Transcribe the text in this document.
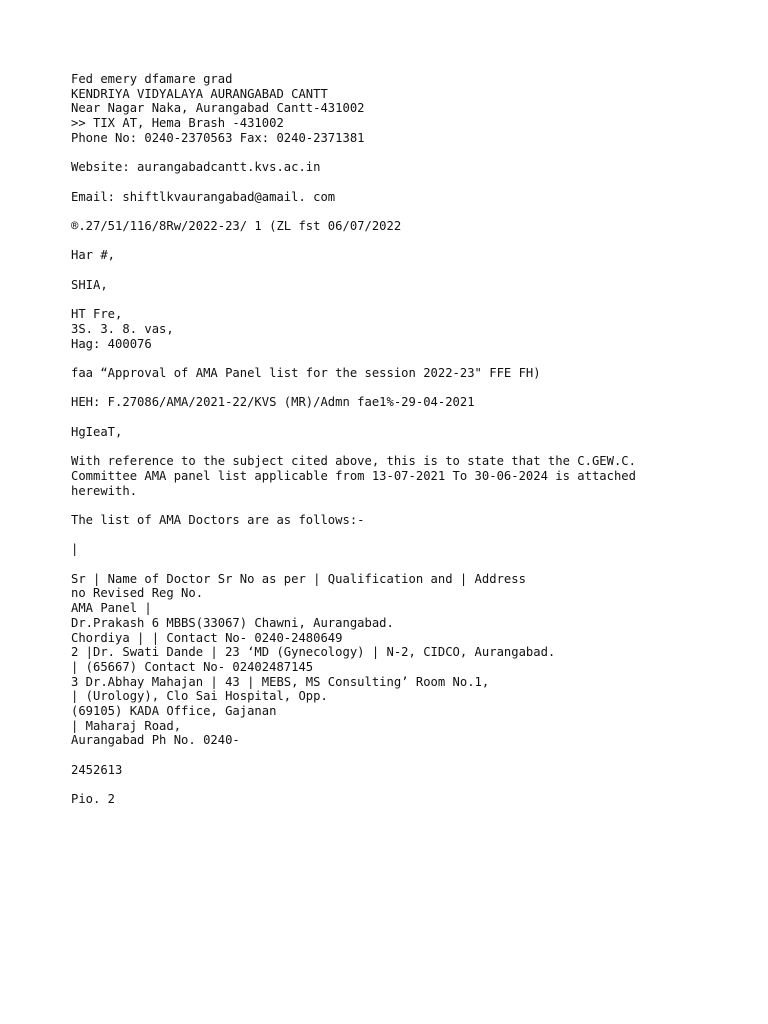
Fed emery dfamare grad
KENDRIYA VIDYALAYA AURANGABAD CANTT
Near Nagar Naka, Aurangabad Cantt-431002
>> TIX AT, Hema Brash -431002
Phone No: 0240-2370563 Fax: 0240-2371381
Website: aurangabadcantt.kvs.ac.in
Email: shiftlkvaurangabad@amail. com
®.27/51/116/8Rw/2022-23/ 1 (ZL fst 06/07/2022
Har #,
SHIA,
HT Fre,
3S. 3. 8. vas,
Hag: 400076
faa “Approval of AMA Panel list for the session 2022-23" FFE FH)
HEH: F.27086/AMA/2021-22/KVS (MR)/Admn fae1%-29-04-2021
HgIeaT,
With reference to the subject cited above, this is to state that the C.GEW.C.
Committee AMA panel list applicable from 13-07-2021 To 30-06-2024 is attached
herewith.
The list of AMA Doctors are as follows:-
|
Sr | Name of Doctor Sr No as per | Qualification and | Address
no Revised Reg No.
AMA Panel |
Dr.Prakash 6 MBBS(33067) Chawni, Aurangabad.
Chordiya | | Contact No- 0240-2480649
2 |Dr. Swati Dande | 23 ‘MD (Gynecology) | N-2, CIDCO, Aurangabad.
| (65667) Contact No- 02402487145
3 Dr.Abhay Mahajan | 43 | MEBS, MS Consulting’ Room No.1,
| (Urology), Clo Sai Hospital, Opp.
(69105) KADA Office, Gajanan
| Maharaj Road,
Aurangabad Ph No. 0240-
2452613
Pio. 2
